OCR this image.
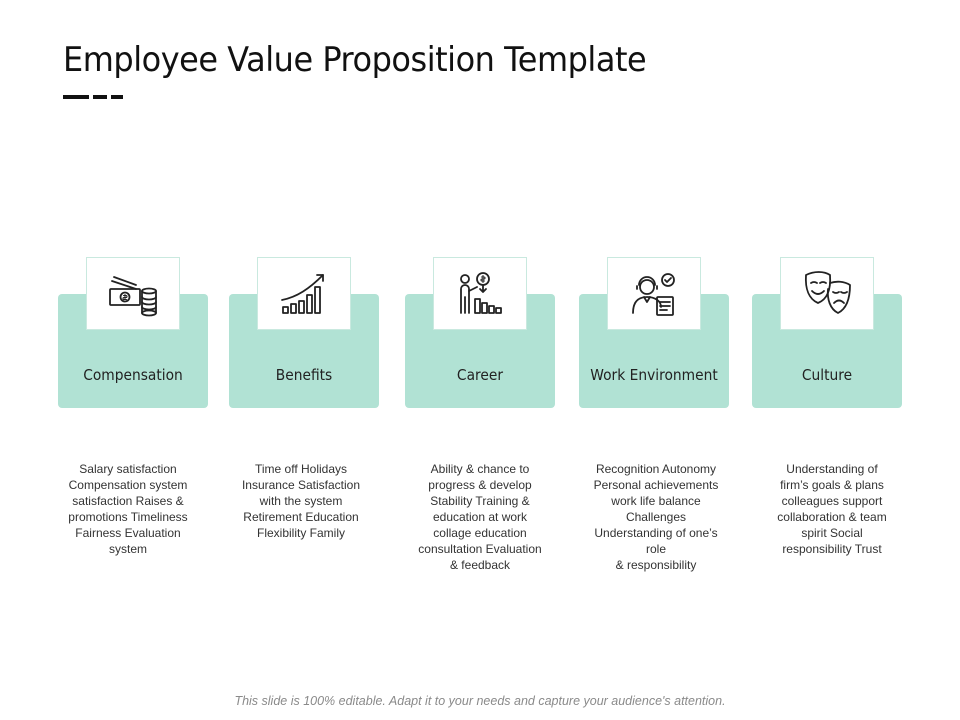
Employee Value Proposition Template
Compensation
Salary satisfaction
Compensation system
satisfaction Raises &
promotions Timeliness
Fairness Evaluation
system
Benefits
Time off Holidays
Insurance Satisfaction
with the system
Retirement Education
Flexibility Family
Career
Ability & chance to
progress & develop
Stability Training &
education at work
collage education
consultation Evaluation
& feedback
Work Environment
Recognition Autonomy
Personal achievements
work life balance
Challenges
Understanding of one’s
role
& responsibility
Culture
Understanding of
firm’s goals & plans
colleagues support
collaboration & team
spirit Social
responsibility Trust
This slide is 100% editable. Adapt it to your needs and capture your audience's attention.
